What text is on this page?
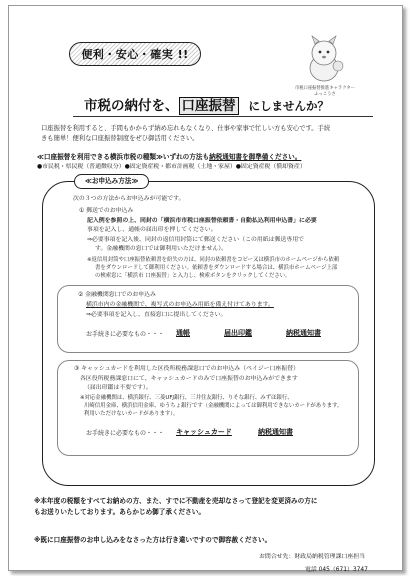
便利・安心・確実 !!
市税口座振替推進キャラクター
ふっこうさ
市税の納付を、 口座振替 にしませんか？
口座振替を利用すると、手間もかからず納め忘れもなくなり、仕事や家事で忙しい方も安心です。手続
きも簡単！便利な口座振替制度をぜひ御活用ください。
≪口座振替を利用できる横浜市税の種類≫いずれの方法も納税通知書を御準備ください。
●市民税・県民税（普通徴収分）●固定資産税・都市計画税（土地・家屋）●固定資産税（償却資産）
≪お申込み方法≫
次の３つの方法からお申込みが可能です。
① 郵送でのお申込み
記入例を参照の上、同封の「横浜市市税口座振替依頼書・自動払込利用申込書」に必要
事項を記入し、通帳の届出印を押してください。
⇒必要事項を記入後、同封の返信用封筒にて郵送ください（この用紙は郵送専用で
す。金融機関の窓口では御利用いただけません）。
※返信用封筒や口座振替依頼書を紛失の方は、同封の依頼書をコピー又は横浜市のホームページから依頼
書をダウンロードして御利用ください。依頼書をダウンロードする場合は、横浜市ホームページ上部
の検索窓に「横浜市 口座振替」と入力し、検索ボタンをクリックしてください。
② 金融機関窓口でのお申込み
横浜市内の金融機関で、複写式のお申込み用紙を備え付けてあります。
⇒必要事項を記入し、直接窓口に提出してください。
お手続きに必要なもの・・・ 通帳	届出印鑑	納税通知書
③ キャッシュカードを利用した区役所税務課窓口でのお申込み（ペイジー口座振替）
各区役所税務課窓口にて、キャッシュカードのみで口座振替のお申込みができます
（届出印鑑は不要です）。
※対応金融機関は、横浜銀行、三菱UFJ銀行、三井住友銀行、りそな銀行、みずほ銀行、
川崎信用金庫、横浜信用金庫、ゆうちょ銀行です（金融機関によっては御利用できないカードがあります。
利用いただけないカードがあります）。
お手続きに必要なもの・・・ キャッシュカード	納税通知書
※本年度の税額をすべてお納めの方、また、すでに不動産を売却なさって登記を変更済みの方に
もお送りいたしております。あらかじめ御了承ください。
※既に口座振替のお申し込みをなさった方は行き違いですので御容赦ください。
お問合せ先：財政局納税管理課口座担当
電話 045（671）3747
